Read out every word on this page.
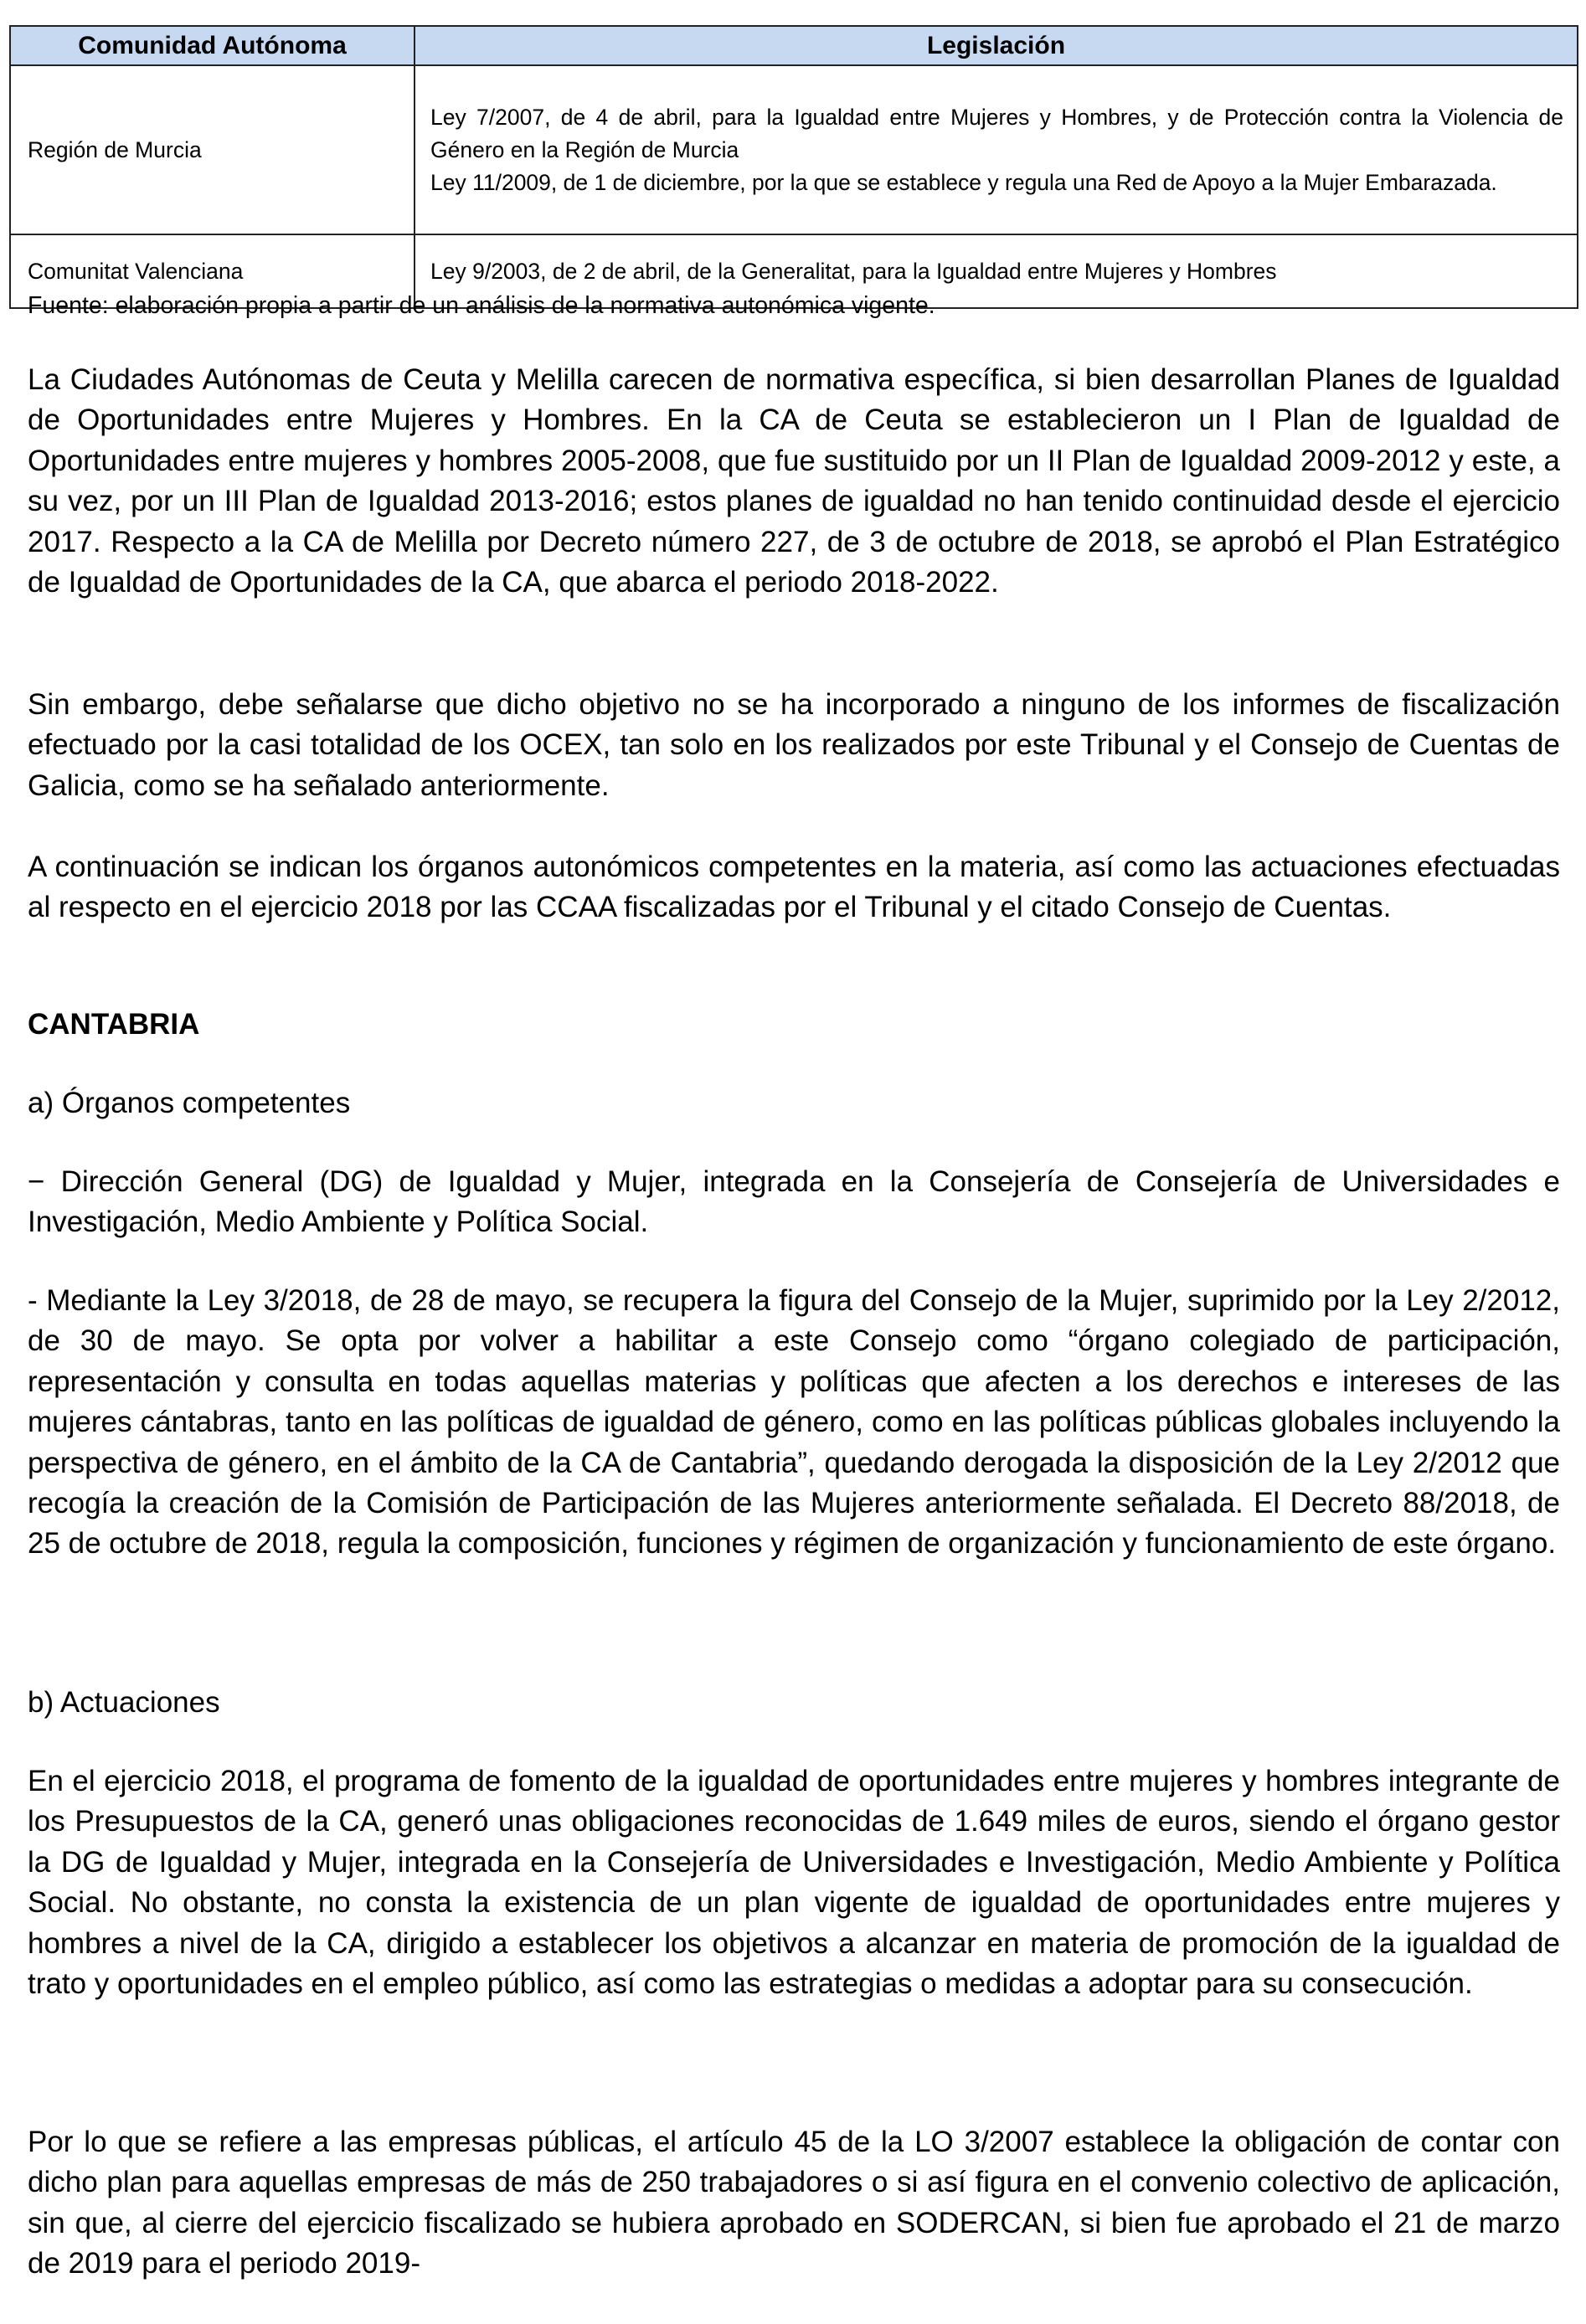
Comunidad Autónoma	Legislación
Región de Murcia	Ley 7/2007, de 4 de abril, para la Igualdad entre Mujeres y Hombres, y de Protección contra la Violencia de Género en la Región de Murcia
Ley 11/2009, de 1 de diciembre, por la que se establece y regula una Red de Apoyo a la Mujer Embarazada.

Comunitat Valenciana	Ley 9/2003, de 2 de abril, de la Generalitat, para la Igualdad entre Mujeres y Hombres
Fuente: elaboración propia a partir de un análisis de la normativa autonómica vigente.

La Ciudades Autónomas de Ceuta y Melilla carecen de normativa específica, si bien desarrollan Planes de Igualdad de Oportunidades entre Mujeres y Hombres. En la CA de Ceuta se establecieron un I Plan de Igualdad de Oportunidades entre mujeres y hombres 2005-2008, que fue sustituido por un II Plan de Igualdad 2009-2012 y este, a su vez, por un III Plan de Igualdad 2013-2016; estos planes de igualdad no han tenido continuidad desde el ejercicio 2017. Respecto a la CA de Melilla por Decreto número 227, de 3 de octubre de 2018, se aprobó el Plan Estratégico de Igualdad de Oportunidades de la CA, que abarca el periodo 2018-2022.

Sin embargo, debe señalarse que dicho objetivo no se ha incorporado a ninguno de los informes de fiscalización efectuado por la casi totalidad de los OCEX, tan solo en los realizados por este Tribunal y el Consejo de Cuentas de Galicia, como se ha señalado anteriormente.

A continuación se indican los órganos autonómicos competentes en la materia, así como las actuaciones efectuadas al respecto en el ejercicio 2018 por las CCAA fiscalizadas por el Tribunal y el citado Consejo de Cuentas.

CANTABRIA
a) Órganos competentes

− Dirección General (DG) de Igualdad y Mujer, integrada en la Consejería de Consejería de Universidades e Investigación, Medio Ambiente y Política Social.

- Mediante la Ley 3/2018, de 28 de mayo, se recupera la figura del Consejo de la Mujer, suprimido por la Ley 2/2012, de 30 de mayo. Se opta por volver a habilitar a este Consejo como “órgano colegiado de participación, representación y consulta en todas aquellas materias y políticas que afecten a los derechos e intereses de las mujeres cántabras, tanto en las políticas de igualdad de género, como en las políticas públicas globales incluyendo la perspectiva de género, en el ámbito de la CA de Cantabria”, quedando derogada la disposición de la Ley 2/2012 que recogía la creación de la Comisión de Participación de las Mujeres anteriormente señalada. El Decreto 88/2018, de 25 de octubre de 2018, regula la composición, funciones y régimen de organización y funcionamiento de este órgano.

b) Actuaciones

En el ejercicio 2018, el programa de fomento de la igualdad de oportunidades entre mujeres y hombres integrante de los Presupuestos de la CA, generó unas obligaciones reconocidas de 1.649 miles de euros, siendo el órgano gestor la DG de Igualdad y Mujer, integrada en la Consejería de Universidades e Investigación, Medio Ambiente y Política Social. No obstante, no consta la existencia de un plan vigente de igualdad de oportunidades entre mujeres y hombres a nivel de la CA, dirigido a establecer los objetivos a alcanzar en materia de promoción de la igualdad de trato y oportunidades en el empleo público, así como las estrategias o medidas a adoptar para su consecución.

Por lo que se refiere a las empresas públicas, el artículo 45 de la LO 3/2007 establece la obligación de contar con dicho plan para aquellas empresas de más de 250 trabajadores o si así figura en el convenio colectivo de aplicación, sin que, al cierre del ejercicio fiscalizado se hubiera aprobado en SODERCAN, si bien fue aprobado el 21 de marzo de 2019 para el periodo 2019-
